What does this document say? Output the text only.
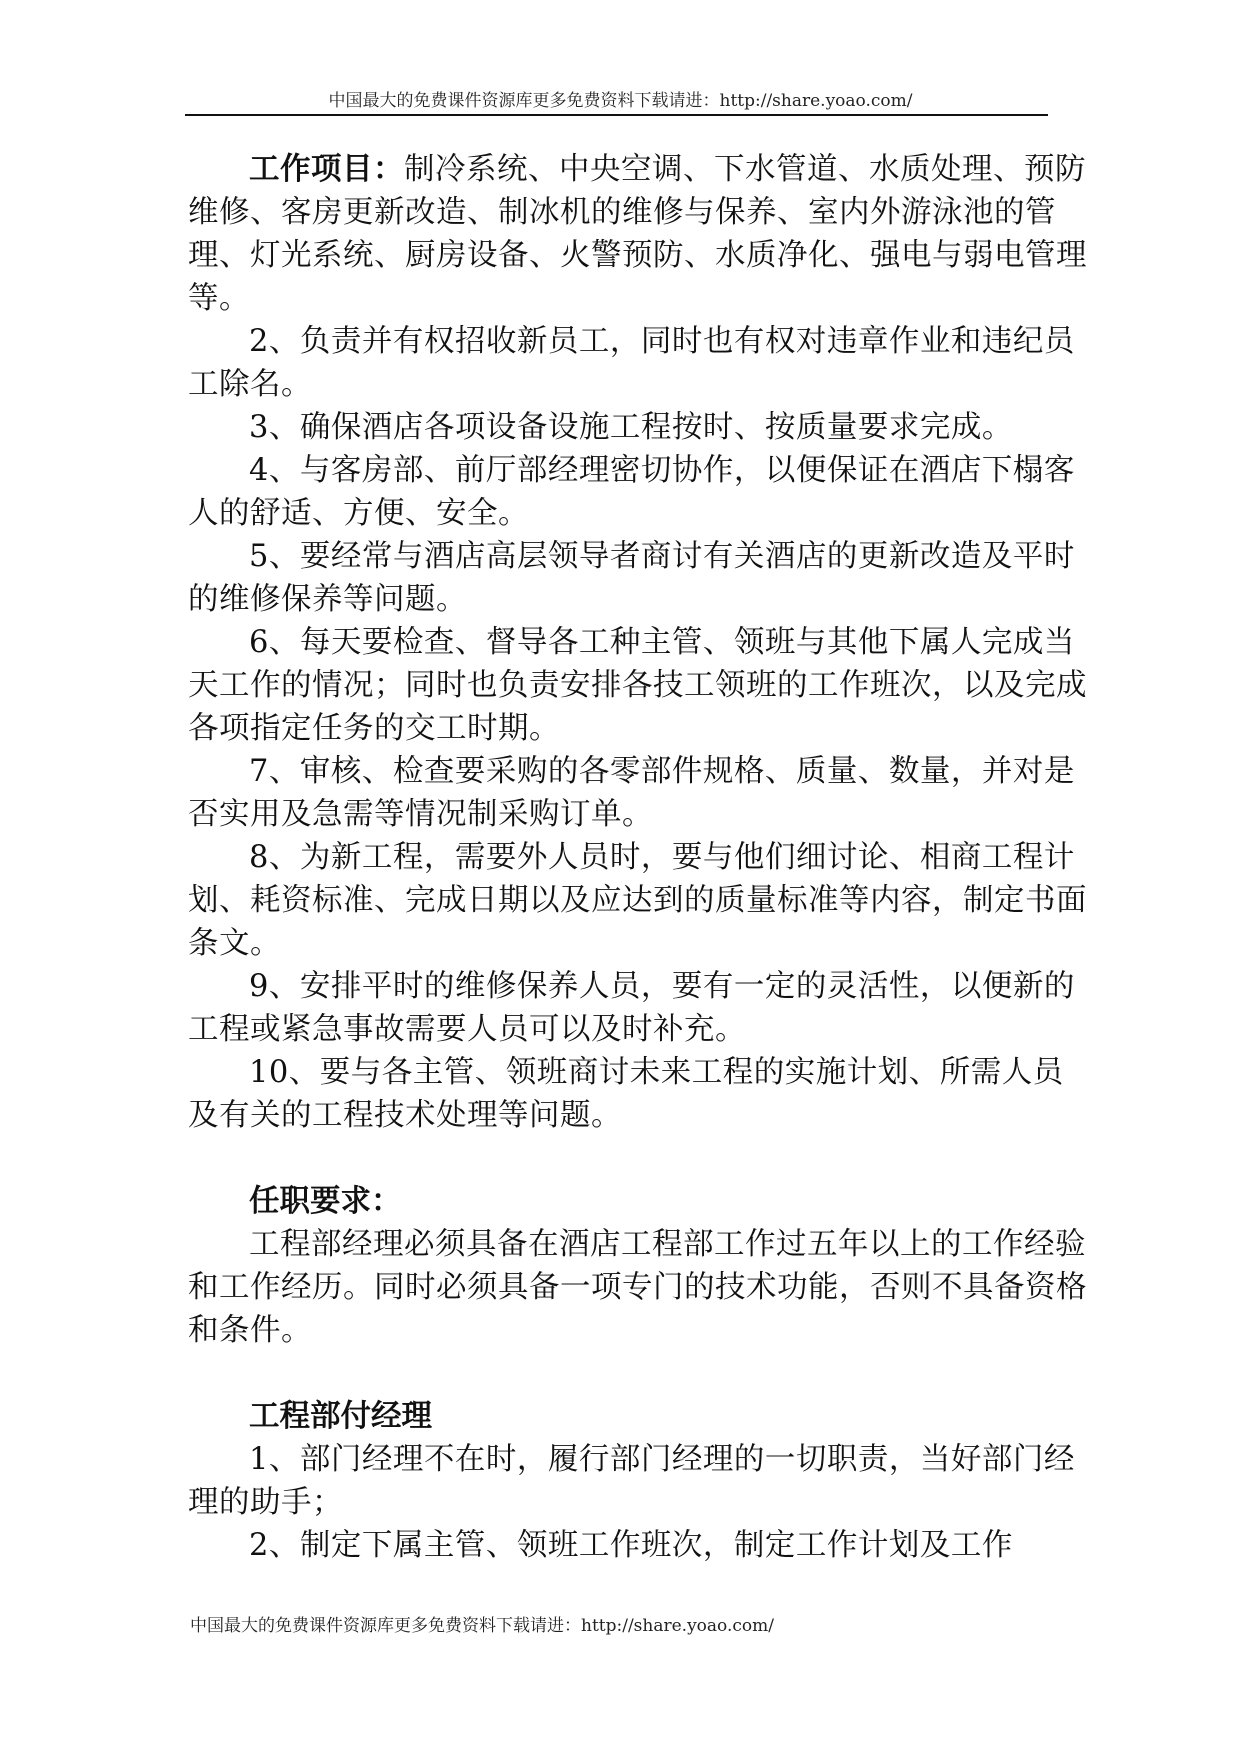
中国最大的免费课件资源库更多免费资料下载请进：http://share.yoao.com/

工作项目：制冷系统、中央空调、下水管道、水质处理、预防维修、客房更新改造、制冰机的维修与保养、室内外游泳池的管理、灯光系统、厨房设备、火警预防、水质净化、强电与弱电管理等。

2、负责并有权招收新员工，同时也有权对违章作业和违纪员工除名。

3、确保酒店各项设备设施工程按时、按质量要求完成。

4、与客房部、前厅部经理密切协作，以便保证在酒店下榻客人的舒适、方便、安全。

5、要经常与酒店高层领导者商讨有关酒店的更新改造及平时的维修保养等问题。

6、每天要检查、督导各工种主管、领班与其他下属人完成当天工作的情况；同时也负责安排各技工领班的工作班次，以及完成各项指定任务的交工时期。

7、审核、检查要采购的各零部件规格、质量、数量，并对是否实用及急需等情况制采购订单。

8、为新工程，需要外人员时，要与他们细讨论、相商工程计划、耗资标准、完成日期以及应达到的质量标准等内容，制定书面条文。

9、安排平时的维修保养人员，要有一定的灵活性，以便新的工程或紧急事故需要人员可以及时补充。

10、要与各主管、领班商讨未来工程的实施计划、所需人员及有关的工程技术处理等问题。

任职要求：

工程部经理必须具备在酒店工程部工作过五年以上的工作经验和工作经历。同时必须具备一项专门的技术功能，否则不具备资格和条件。

工程部付经理

1、部门经理不在时，履行部门经理的一切职责，当好部门经理的助手；

2、制定下属主管、领班工作班次，制定工作计划及工作

中国最大的免费课件资源库更多免费资料下载请进：http://share.yoao.com/
